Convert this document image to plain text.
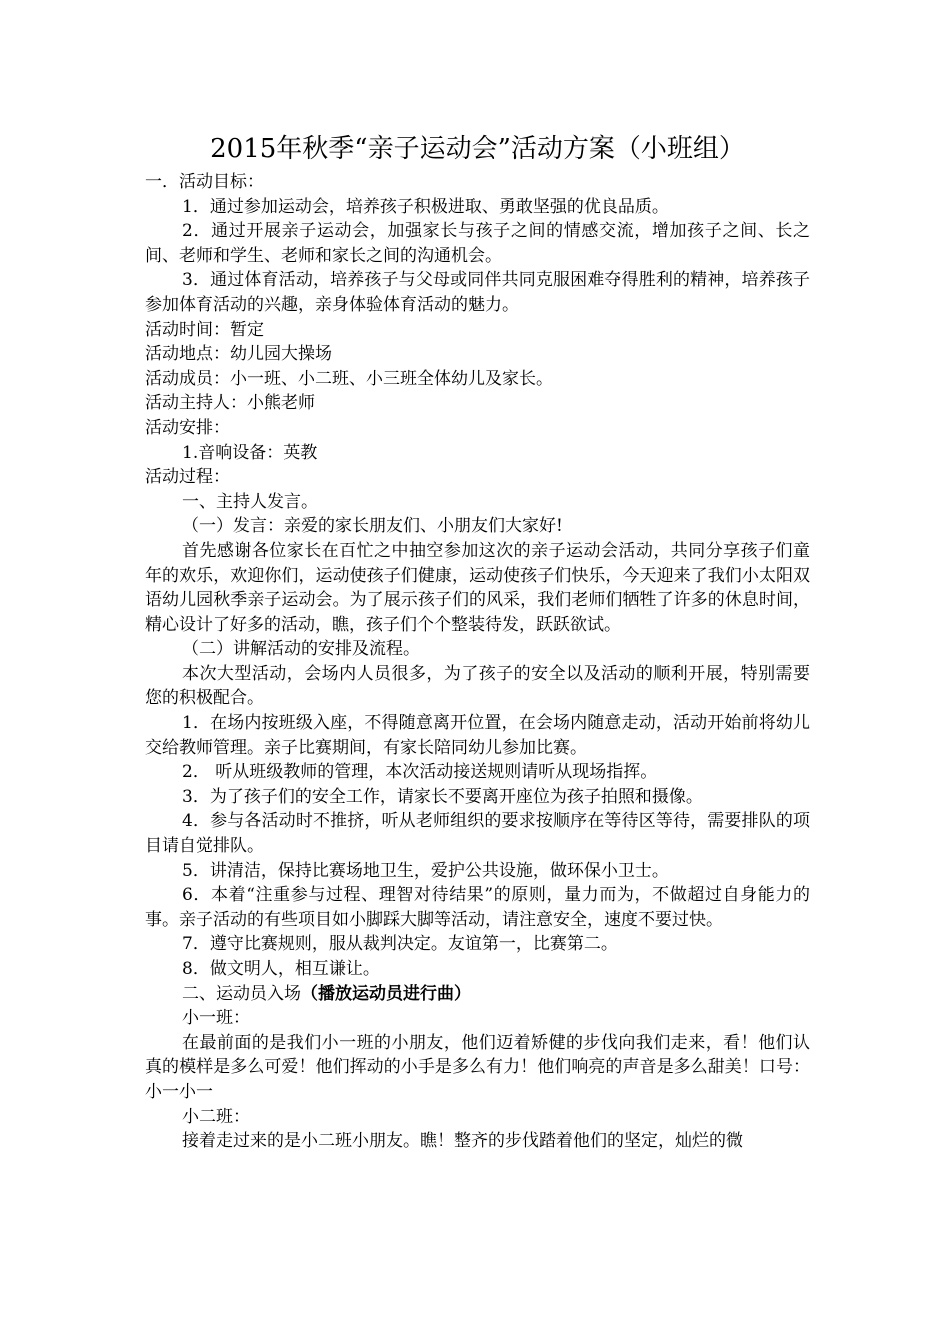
2015年秋季“亲子运动会”活动方案（小班组）
一．活动目标：
1．通过参加运动会，培养孩子积极进取、勇敢坚强的优良品质。
2．通过开展亲子运动会，加强家长与孩子之间的情感交流，增加孩子之间、长之间、老师和学生、老师和家长之间的沟通机会。
3．通过体育活动，培养孩子与父母或同伴共同克服困难夺得胜利的精神，培养孩子参加体育活动的兴趣，亲身体验体育活动的魅力。
活动时间：暂定
活动地点：幼儿园大操场
活动成员：小一班、小二班、小三班全体幼儿及家长。
活动主持人：小熊老师
活动安排：
1.音响设备：英教
活动过程：
一、主持人发言。
（一）发言：亲爱的家长朋友们、小朋友们大家好!
首先感谢各位家长在百忙之中抽空参加这次的亲子运动会活动，共同分享孩子们童年的欢乐，欢迎你们，运动使孩子们健康，运动使孩子们快乐，今天迎来了我们小太阳双语幼儿园秋季亲子运动会。为了展示孩子们的风采，我们老师们牺牲了许多的休息时间，精心设计了好多的活动，瞧，孩子们个个整装待发，跃跃欲试。
（二）讲解活动的安排及流程。
本次大型活动，会场内人员很多，为了孩子的安全以及活动的顺利开展，特别需要您的积极配合。
1．在场内按班级入座，不得随意离开位置，在会场内随意走动，活动开始前将幼儿交给教师管理。亲子比赛期间，有家长陪同幼儿参加比赛。
2． 听从班级教师的管理，本次活动接送规则请听从现场指挥。
3．为了孩子们的安全工作，请家长不要离开座位为孩子拍照和摄像。
4．参与各活动时不推挤，听从老师组织的要求按顺序在等待区等待，需要排队的项目请自觉排队。
5．讲清洁，保持比赛场地卫生，爱护公共设施，做环保小卫士。
6．本着“注重参与过程、理智对待结果”的原则，量力而为，不做超过自身能力的事。亲子活动的有些项目如小脚踩大脚等活动，请注意安全，速度不要过快。
7．遵守比赛规则，服从裁判决定。友谊第一，比赛第二。
8．做文明人，相互谦让。
二、运动员入场（播放运动员进行曲）
小一班：
在最前面的是我们小一班的小朋友，他们迈着矫健的步伐向我们走来，看！他们认真的模样是多么可爱！他们挥动的小手是多么有力！他们响亮的声音是多么甜美！口号： 小一小一
小二班：
接着走过来的是小二班小朋友。瞧！整齐的步伐踏着他们的坚定，灿烂的微
